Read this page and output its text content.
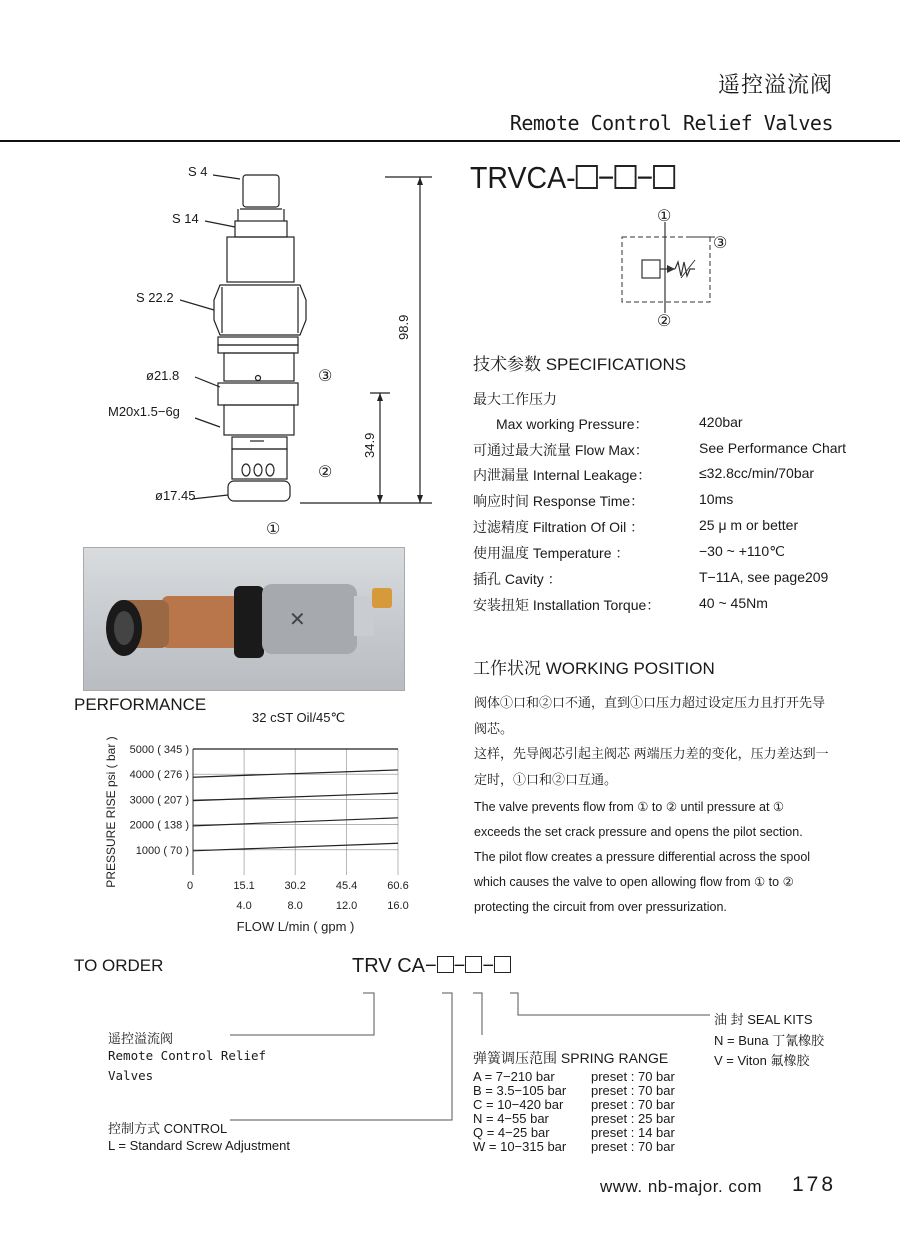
遥控溢流阀
Remote Control Relief Valves
TRVCA- − −
①
③
②
S 4
S 14
S 22.2
ø21.8
M20x1.5−6g
ø17.45
98.9
34.9
③
②
①
✕
技术参数 SPECIFICATIONS
最大工作压力
Max working Pressure：	420bar
可通过最大流量 Flow Max：	See Performance Chart
内泄漏量 Internal Leakage：	≤32.8cc/min/70bar
响应时间 Response Time：	10ms
过滤精度 Filtration Of Oil ：	25 μ m or better
使用温度 Temperature ：	−30 ~ +110℃
插孔 Cavity ：	T−11A, see page209
安装扭矩 Installation Torque：	40 ~ 45Nm
工作状况 WORKING POSITION
阀体①口和②口不通，直到①口压力超过设定压力且打开先导
阀芯。
这样，先导阀芯引起主阀芯 两端压力差的变化，压力差达到一
定时，①口和②口互通。
The valve prevents flow from ① to ② until pressure at ①
exceeds the set crack pressure and opens the pilot section.
The pilot flow creates a pressure differential across the spool
which causes the valve to open allowing flow from ① to ②
protecting the circuit from over pressurization.
PERFORMANCE
32 cST Oil/45℃
1000 ( 70 )
2000 ( 138 )
3000 ( 207 )
4000 ( 276 )
5000 ( 345 )
0	15.1
4.0
30.2
8.0
45.4
12.0
60.6
16.0
FLOW L/min ( gpm )
PRESSURE RISE psi ( bar )
TO ORDER	TRV CA− − −
遥控溢流阀
Remote Control Relief
Valves
控制方式 CONTROL
L = Standard Screw Adjustment
弹簧调压范围 SPRING RANGE
A = 7−210 bar	preset : 70 bar
B = 3.5−105 bar preset : 70 bar
C = 10−420 bar preset : 70 bar
N = 4−55 bar	preset : 25 bar
Q = 4−25 bar	preset : 14 bar
W = 10−315 bar preset : 70 bar
油 封 SEAL KITS
N = Buna 丁氰橡胶
V = Viton 氟橡胶
www. nb-major. com 178
